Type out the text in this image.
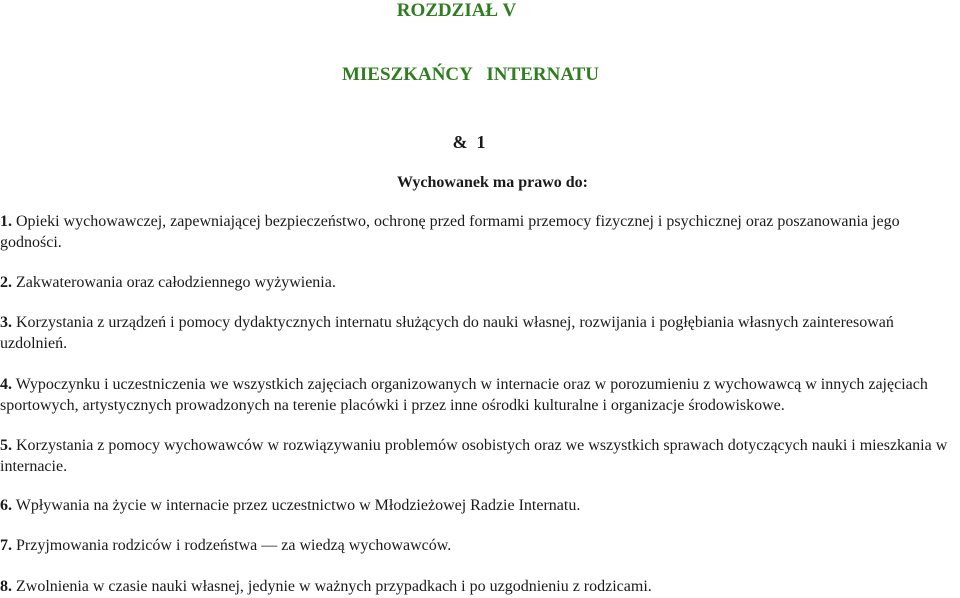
ROZDZIAŁ V
MIESZKAŃCY   INTERNATU
&  1
Wychowanek ma prawo do:
1. Opieki wychowawczej, zapewniającej bezpieczeństwo, ochronę przed formami przemocy fizycznej i psychicznej oraz poszanowania jego godności.
2. Zakwaterowania oraz całodziennego wyżywienia.
3. Korzystania z urządzeń i pomocy dydaktycznych internatu służących do nauki własnej, rozwijania i pogłębiania własnych zainteresowań uzdolnień.
4. Wypoczynku i uczestniczenia we wszystkich zajęciach organizowanych w internacie oraz w porozumieniu z wychowawcą w innych zajęciach sportowych, artystycznych prowadzonych na terenie placówki i przez inne ośrodki kulturalne i organizacje środowiskowe.
5. Korzystania z pomocy wychowawców w rozwiązywaniu problemów osobistych oraz we wszystkich sprawach dotyczących nauki i mieszkania w internacie.
6. Wpływania na życie w internacie przez uczestnictwo w Młodzieżowej Radzie Internatu.
7. Przyjmowania rodziców i rodzeństwa — za wiedzą wychowawców.
8. Zwolnienia w czasie nauki własnej, jedynie w ważnych przypadkach i po uzgodnieniu z rodzicami.
